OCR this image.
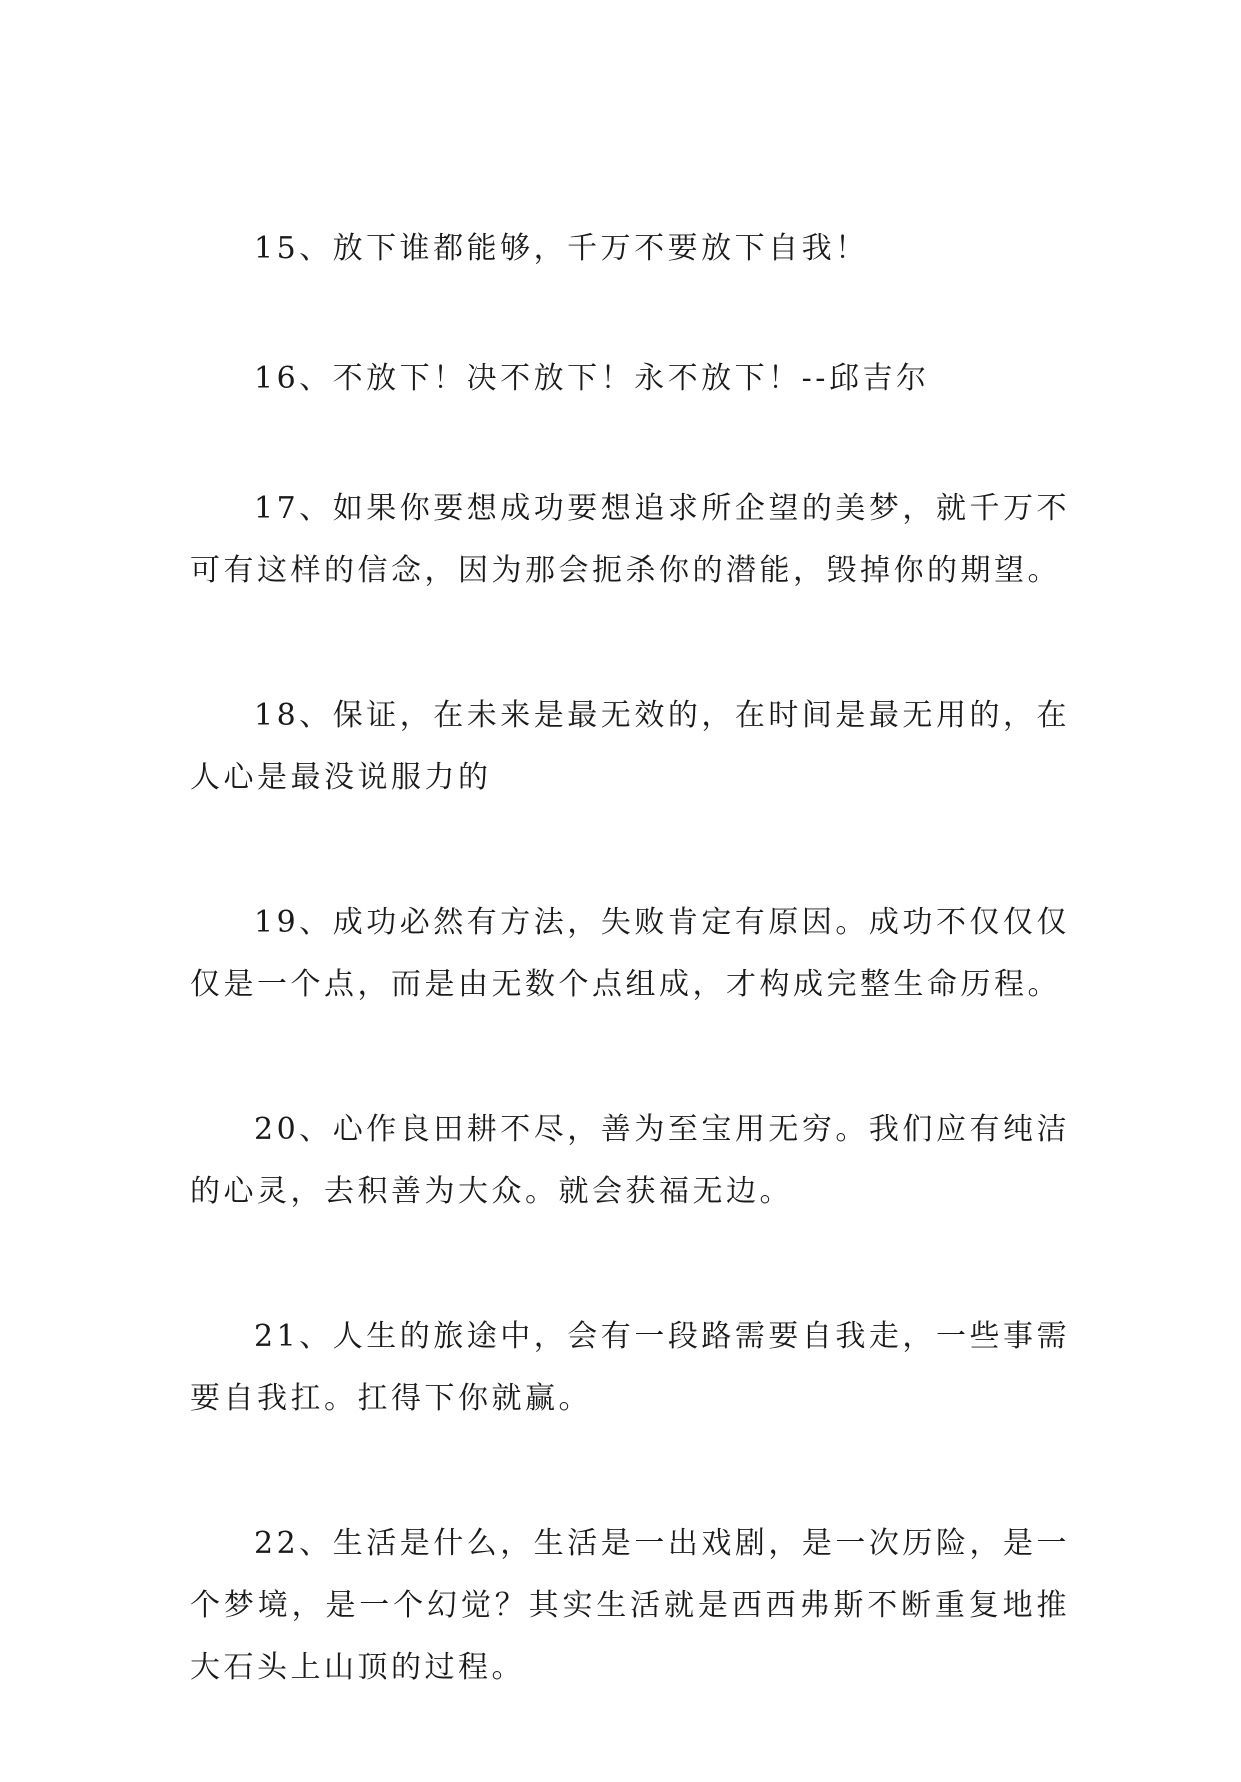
15、放下谁都能够，千万不要放下自我！

16、不放下！决不放下！永不放下！--邱吉尔

17、如果你要想成功要想追求所企望的美梦，就千万不可有这样的信念，因为那会扼杀你的潜能，毁掉你的期望。

18、保证，在未来是最无效的，在时间是最无用的，在人心是最没说服力的

19、成功必然有方法，失败肯定有原因。成功不仅仅仅仅是一个点，而是由无数个点组成，才构成完整生命历程。

20、心作良田耕不尽，善为至宝用无穷。我们应有纯洁的心灵，去积善为大众。就会获福无边。

21、人生的旅途中，会有一段路需要自我走，一些事需要自我扛。扛得下你就赢。

22、生活是什么，生活是一出戏剧，是一次历险，是一个梦境，是一个幻觉？其实生活就是西西弗斯不断重复地推大石头上山顶的过程。
